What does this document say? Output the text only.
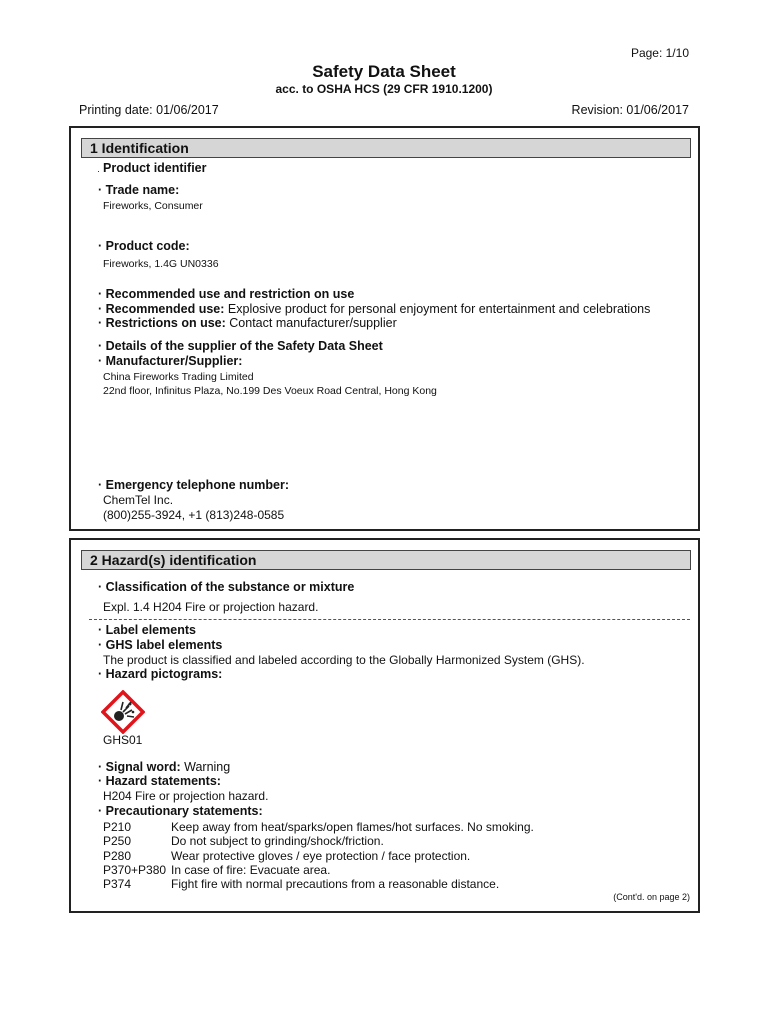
Page: 1/10
Safety Data Sheet
acc. to OSHA HCS (29 CFR 1910.1200)
Printing date: 01/06/2017	Revision: 01/06/2017
1 Identification
Product identifier
·
· Trade name:
Fireworks, Consumer
· Product code:
Fireworks, 1.4G UN0336
· Recommended use and restriction on use
· Recommended use: Explosive product for personal enjoyment for entertainment and celebrations
· Restrictions on use: Contact manufacturer/supplier
· Details of the supplier of the Safety Data Sheet
· Manufacturer/Supplier:
China Fireworks Trading Limited
22nd floor, Infinitus Plaza, No.199 Des Voeux Road Central, Hong Kong
· Emergency telephone number:
ChemTel Inc.
(800)255-3924, +1 (813)248-0585
2 Hazard(s) identification
· Classification of the substance or mixture
Expl. 1.4 H204 Fire or projection hazard.
· Label elements
· GHS label elements
The product is classified and labeled according to the Globally Harmonized System (GHS).
· Hazard pictograms:
GHS01
· Signal word: Warning
· Hazard statements:
H204 Fire or projection hazard.
· Precautionary statements:
P210	Keep away from heat/sparks/open flames/hot surfaces. No smoking.
P250	Do not subject to grinding/shock/friction.
P280	Wear protective gloves / eye protection / face protection.
P370+P380 In case of fire: Evacuate area.
P374	Fight fire with normal precautions from a reasonable distance.
(Cont'd. on page 2)
